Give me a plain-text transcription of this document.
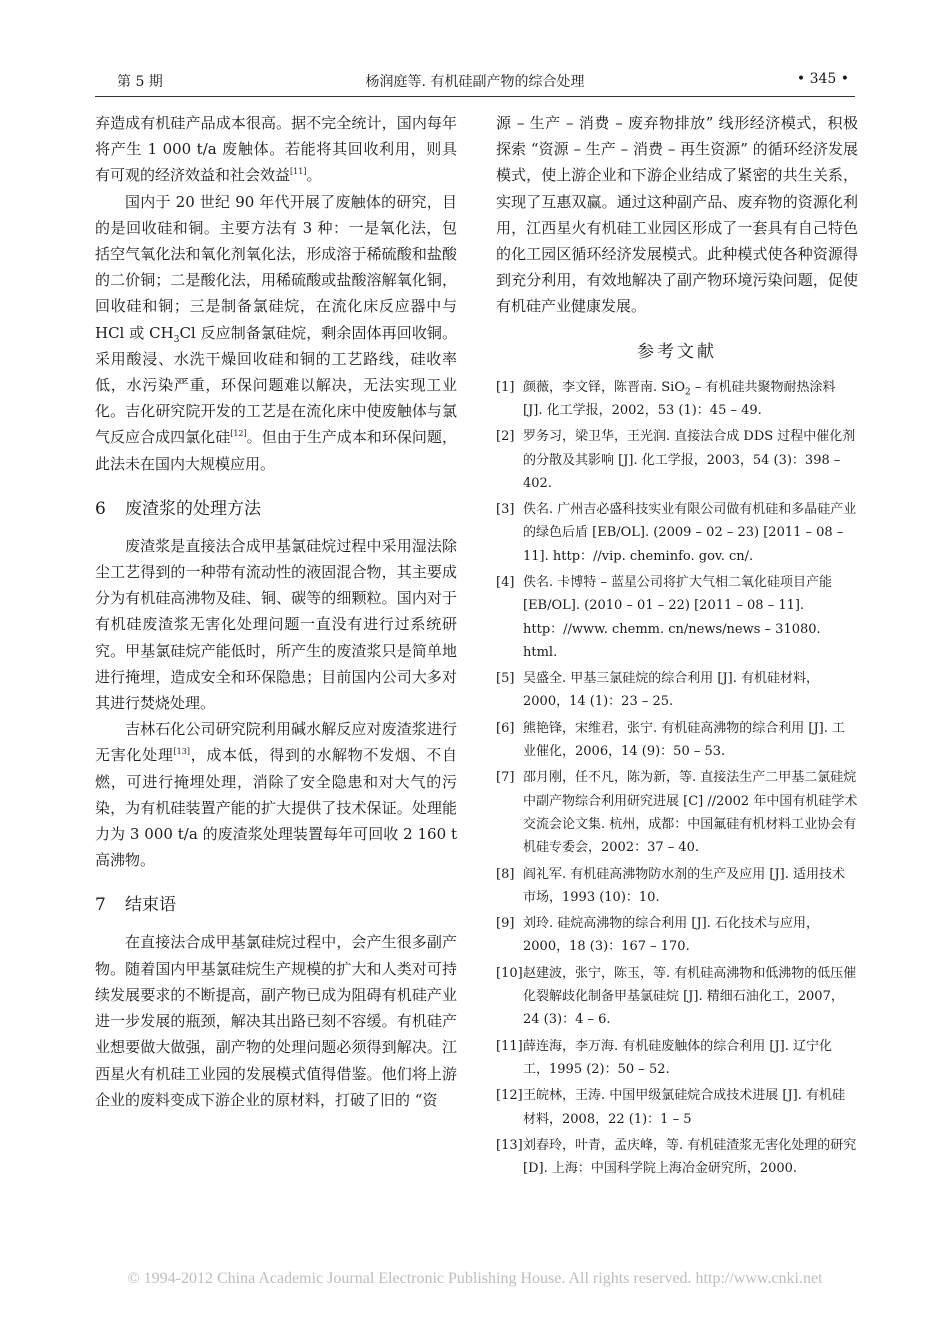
第 5 期	杨润庭等. 有机硅副产物的综合处理	• 345 •

弃造成有机硅产品成本很高。据不完全统计，国内每年将产生 1 000 t/a 废触体。若能将其回收利用，则具有可观的经济效益和社会效益[11]。

国内于 20 世纪 90 年代开展了废触体的研究，目的是回收硅和铜。主要方法有 3 种：一是氧化法，包括空气氧化法和氧化剂氧化法，形成溶于稀硫酸和盐酸的二价铜；二是酸化法，用稀硫酸或盐酸溶解氧化铜，回收硅和铜；三是制备氯硅烷，在流化床反应器中与 HCl 或 $CH_3Cl$ 反应制备氯硅烷，剩余固体再回收铜。采用酸浸、水洗干燥回收硅和铜的工艺路线，硅收率低，水污染严重，环保问题难以解决，无法实现工业化。吉化研究院开发的工艺是在流化床中使废触体与氯气反应合成四氯化硅[12]。但由于生产成本和环保问题，此法未在国内大规模应用。

6 废渣浆的处理方法

废渣浆是直接法合成甲基氯硅烷过程中采用湿法除尘工艺得到的一种带有流动性的液固混合物，其主要成分为有机硅高沸物及硅、铜、碳等的细颗粒。国内对于有机硅废渣浆无害化处理问题一直没有进行过系统研究。甲基氯硅烷产能低时，所产生的废渣浆只是简单地进行掩埋，造成安全和环保隐患；目前国内公司大多对其进行焚烧处理。

吉林石化公司研究院利用碱水解反应对废渣浆进行无害化处理[13]，成本低，得到的水解物不发烟、不自燃，可进行掩埋处理，消除了安全隐患和对大气的污染，为有机硅装置产能的扩大提供了技术保证。处理能力为 3 000 t/a 的废渣浆处理装置每年可回收 2 160 t 高沸物。

7 结束语

在直接法合成甲基氯硅烷过程中，会产生很多副产物。随着国内甲基氯硅烷生产规模的扩大和人类对可持续发展要求的不断提高，副产物已成为阻碍有机硅产业进一步发展的瓶颈，解决其出路已刻不容缓。有机硅产业想要做大做强，副产物的处理问题必须得到解决。江西星火有机硅工业园的发展模式值得借鉴。他们将上游企业的废料变成下游企业的原材料，打破了旧的 “资

源 – 生产 – 消费 – 废弃物排放” 线形经济模式，积极探索 “资源 – 生产 – 消费 – 再生资源” 的循环经济发展模式，使上游企业和下游企业结成了紧密的共生关系，实现了互惠双赢。通过这种副产品、废弃物的资源化利用，江西星火有机硅工业园区形成了一套具有自己特色的化工园区循环经济发展模式。此种模式使各种资源得到充分利用，有效地解决了副产物环境污染问题，促使有机硅产业健康发展。

参考文献
[1] 颜薇，李文铎，陈晋南. SiO$_2$ – 有机硅共聚物耐热涂料 [J]. 化工学报，2002，53 (1)：45 – 49.
[2] 罗务习，梁卫华，王光润. 直接法合成 DDS 过程中催化剂的分散及其影响 [J]. 化工学报，2003，54 (3)：398 – 402.
[3] 佚名. 广州吉必盛科技实业有限公司做有机硅和多晶硅产业的绿色后盾 [EB/OL]. (2009 – 02 – 23) [2011 – 08 – 11]. http：//vip. cheminfo. gov. cn/.
[4] 佚名. 卡博特 – 蓝星公司将扩大气相二氧化硅项目产能 [EB/OL]. (2010 – 01 – 22) [2011 – 08 – 11]. http：//www. chemm. cn/news/news – 31080. html.
[5] 吴盛全. 甲基三氯硅烷的综合利用 [J]. 有机硅材料，2000，14 (1)：23 – 25.
[6] 熊艳锋，宋维君，张宁. 有机硅高沸物的综合利用 [J]. 工业催化，2006，14 (9)：50 – 53.
[7] 邵月刚，任不凡，陈为新，等. 直接法生产二甲基二氯硅烷中副产物综合利用研究进展 [C] //2002 年中国有机硅学术交流会论文集. 杭州，成都：中国氟硅有机材料工业协会有机硅专委会，2002：37 – 40.
[8] 阎礼军. 有机硅高沸物防水剂的生产及应用 [J]. 适用技术市场，1993 (10)：10.
[9] 刘玲. 硅烷高沸物的综合利用 [J]. 石化技术与应用，2000，18 (3)：167 – 170.
[10] 赵建波，张宁，陈玉，等. 有机硅高沸物和低沸物的低压催化裂解歧化制备甲基氯硅烷 [J]. 精细石油化工，2007，24 (3)：4 – 6.
[11] 薛连海，李万海. 有机硅废触体的综合利用 [J]. 辽宁化工，1995 (2)：50 – 52.
[12] 王皖林，王涛. 中国甲级氯硅烷合成技术进展 [J]. 有机硅材料，2008，22 (1)：1 – 5
[13] 刘春玲，叶青，孟庆峰，等. 有机硅渣浆无害化处理的研究 [D]. 上海：中国科学院上海冶金研究所，2000.
© 1994-2012 China Academic Journal Electronic Publishing House. All rights reserved. http://www.cnki.net
